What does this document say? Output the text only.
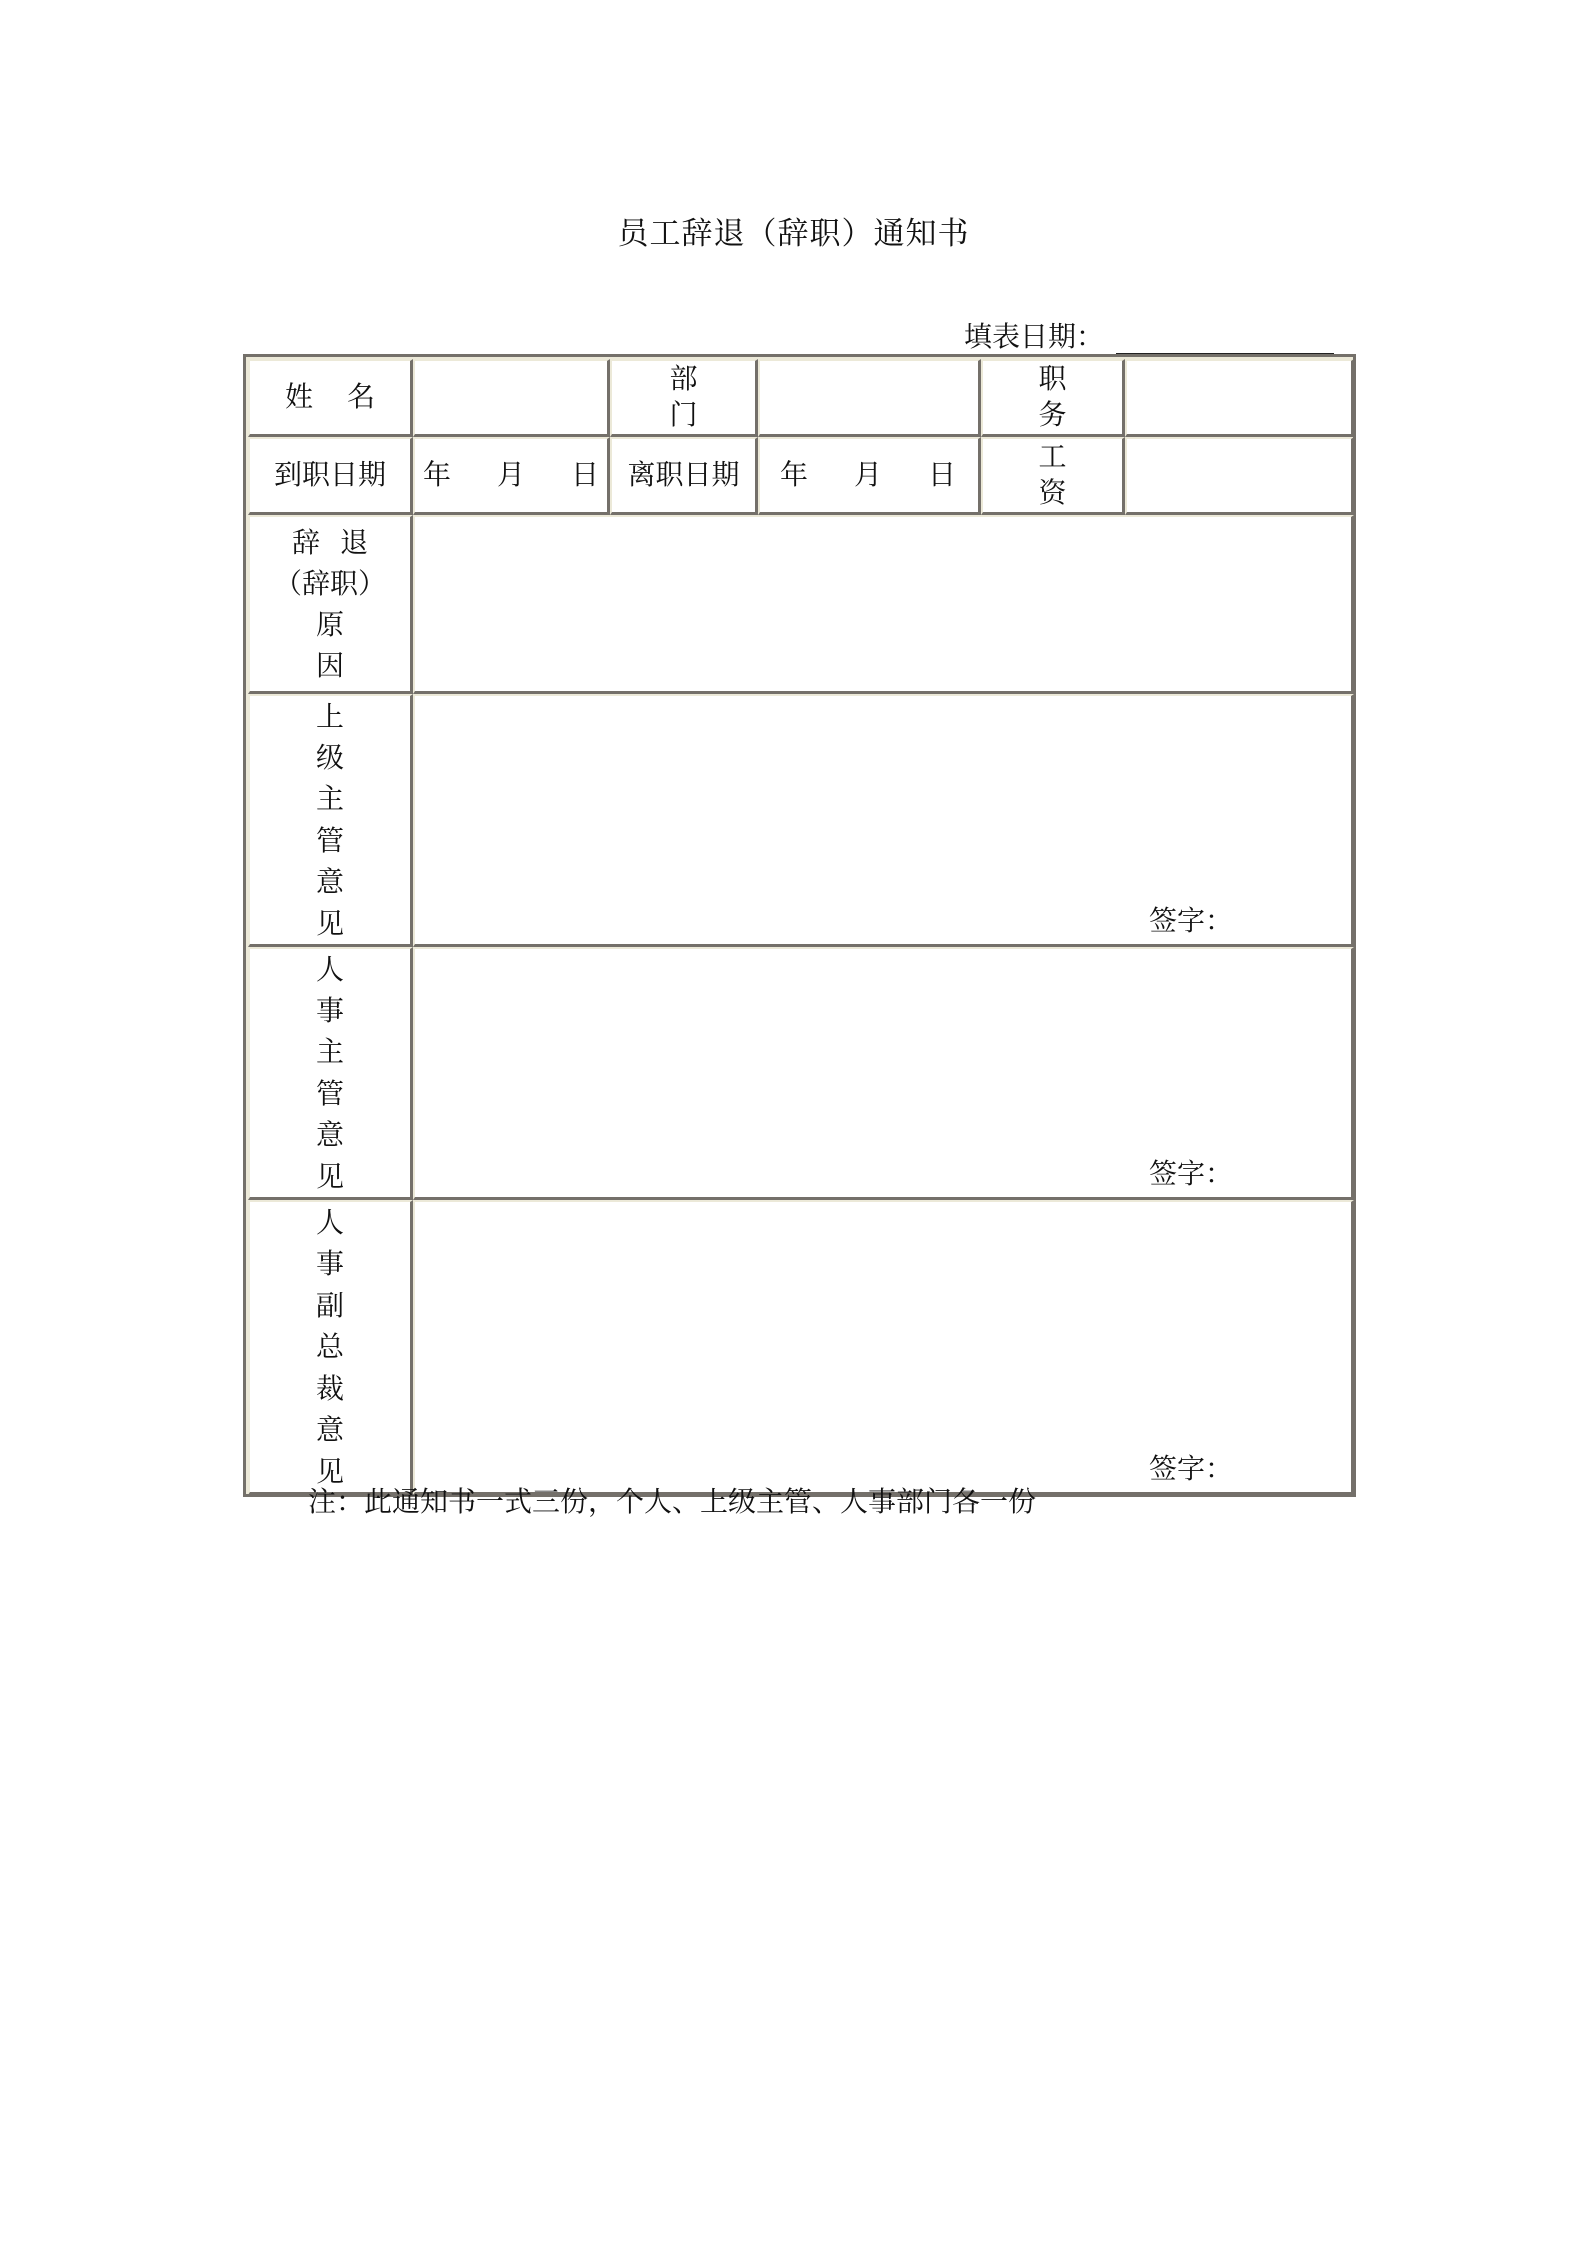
员工辞退（辞职）通知书
填表日期：
姓名		部门		职务	
到职日期	年 月 日	离职日期	年 月 日	工资	

辞退
（辞职）
原因					

上
级
主
管
意
见	签字：

人
事
主
管
意
见	签字：

人
事
副
总
裁
意
见	签字：
注：此通知书一式三份，个人、上级主管、人事部门各一份
